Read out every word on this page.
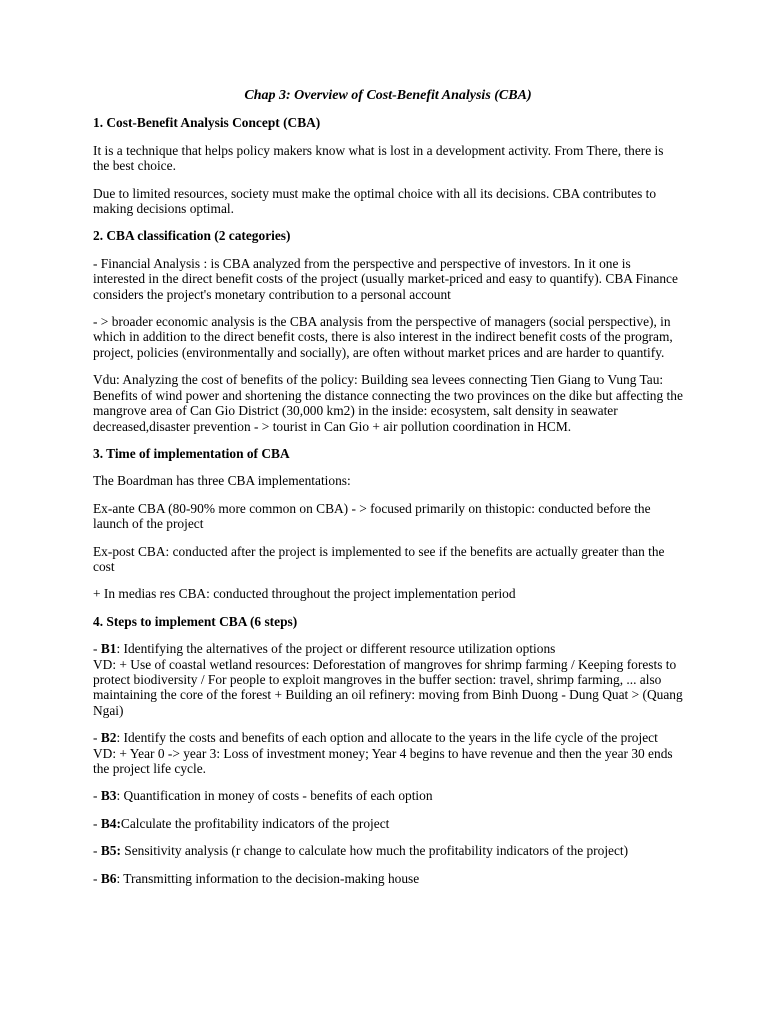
Chap 3: Overview of Cost-Benefit Analysis (CBA)
1. Cost-Benefit Analysis Concept (CBA)

It is a technique that helps policy makers know what is lost in a development activity. From There, there is the best choice.

Due to limited resources, society must make the optimal choice with all its decisions. CBA contributes to making decisions optimal.

2. CBA classification (2 categories)

- Financial Analysis : is CBA analyzed from the perspective and perspective of investors. In it one is interested in the direct benefit costs of the project (usually market-priced and easy to quantify). CBA Finance considers the project's monetary contribution to a personal account

- > broader economic analysis is the CBA analysis from the perspective of managers (social perspective), in which in addition to the direct benefit costs, there is also interest in the indirect benefit costs of the program, project, policies (environmentally and socially), are often without market prices and are harder to quantify.

Vdu: Analyzing the cost of benefits of the policy: Building sea levees connecting Tien Giang to Vung Tau: Benefits of wind power and shortening the distance connecting the two provinces on the dike but affecting the mangrove area of Can Gio District (30,000 km2) in the inside: ecosystem, salt density in seawater decreased,disaster prevention - > tourist in Can Gio + air pollution coordination in HCM.

3. Time of implementation of CBA

The Boardman has three CBA implementations:

Ex-ante CBA (80-90% more common on CBA) - > focused primarily on thistopic: conducted before the launch of the project

Ex-post CBA: conducted after the project is implemented to see if the benefits are actually greater than the cost

+ In medias res CBA: conducted throughout the project implementation period

4. Steps to implement CBA (6 steps)

- B1: Identifying the alternatives of the project or different resource utilization options
VD: + Use of coastal wetland resources: Deforestation of mangroves for shrimp farming / Keeping forests to protect biodiversity / For people to exploit mangroves in the buffer section: travel, shrimp farming, ... also maintaining the core of the forest + Building an oil refinery: moving from Binh Duong - Dung Quat > (Quang Ngai)

- B2: Identify the costs and benefits of each option and allocate to the years in the life cycle of the project
VD: + Year 0 -> year 3: Loss of investment money; Year 4 begins to have revenue and then the year 30 ends the project life cycle.

- B3: Quantification in money of costs - benefits of each option

- B4:Calculate the profitability indicators of the project

- B5: Sensitivity analysis (r change to calculate how much the profitability indicators of the project)

- B6: Transmitting information to the decision-making house
